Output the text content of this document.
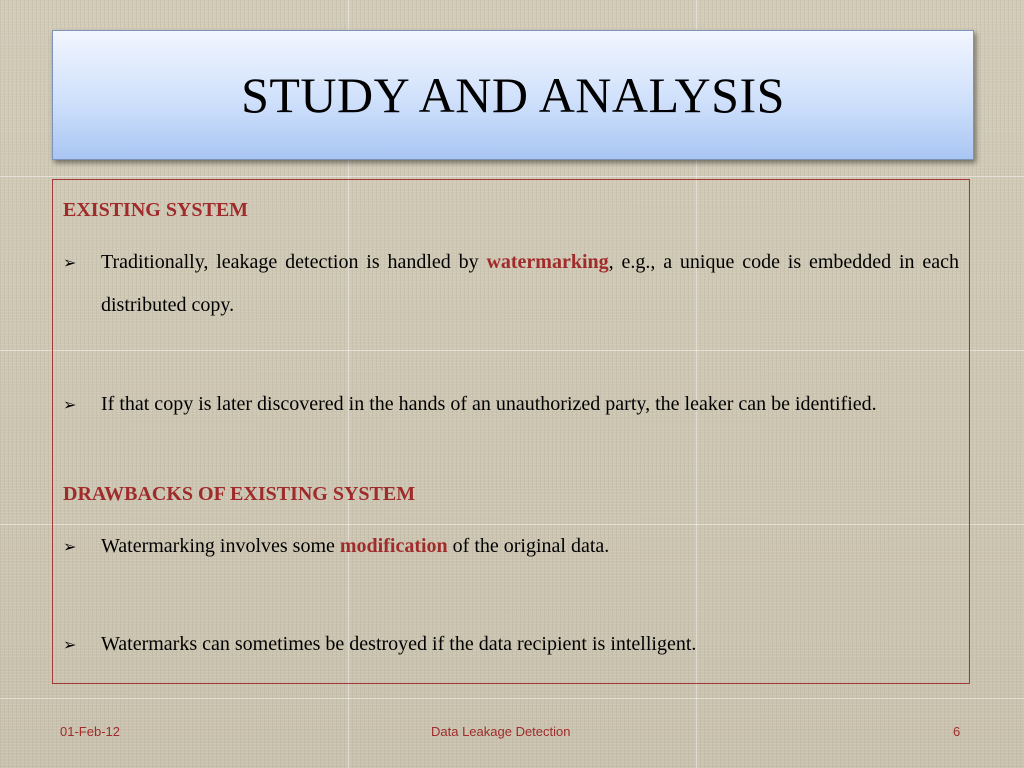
STUDY AND ANALYSIS
EXISTING SYSTEM
➢	Traditionally, leakage detection is handled by watermarking, e.g., a unique code is embedded in each distributed copy.
➢	If that copy is later discovered in the hands of an unauthorized party, the leaker can be identified.
DRAWBACKS OF EXISTING SYSTEM
➢	Watermarking involves some modification of the original data.
➢	Watermarks can sometimes be destroyed if the data recipient is intelligent.
01-Feb-12	Data Leakage Detection	6
